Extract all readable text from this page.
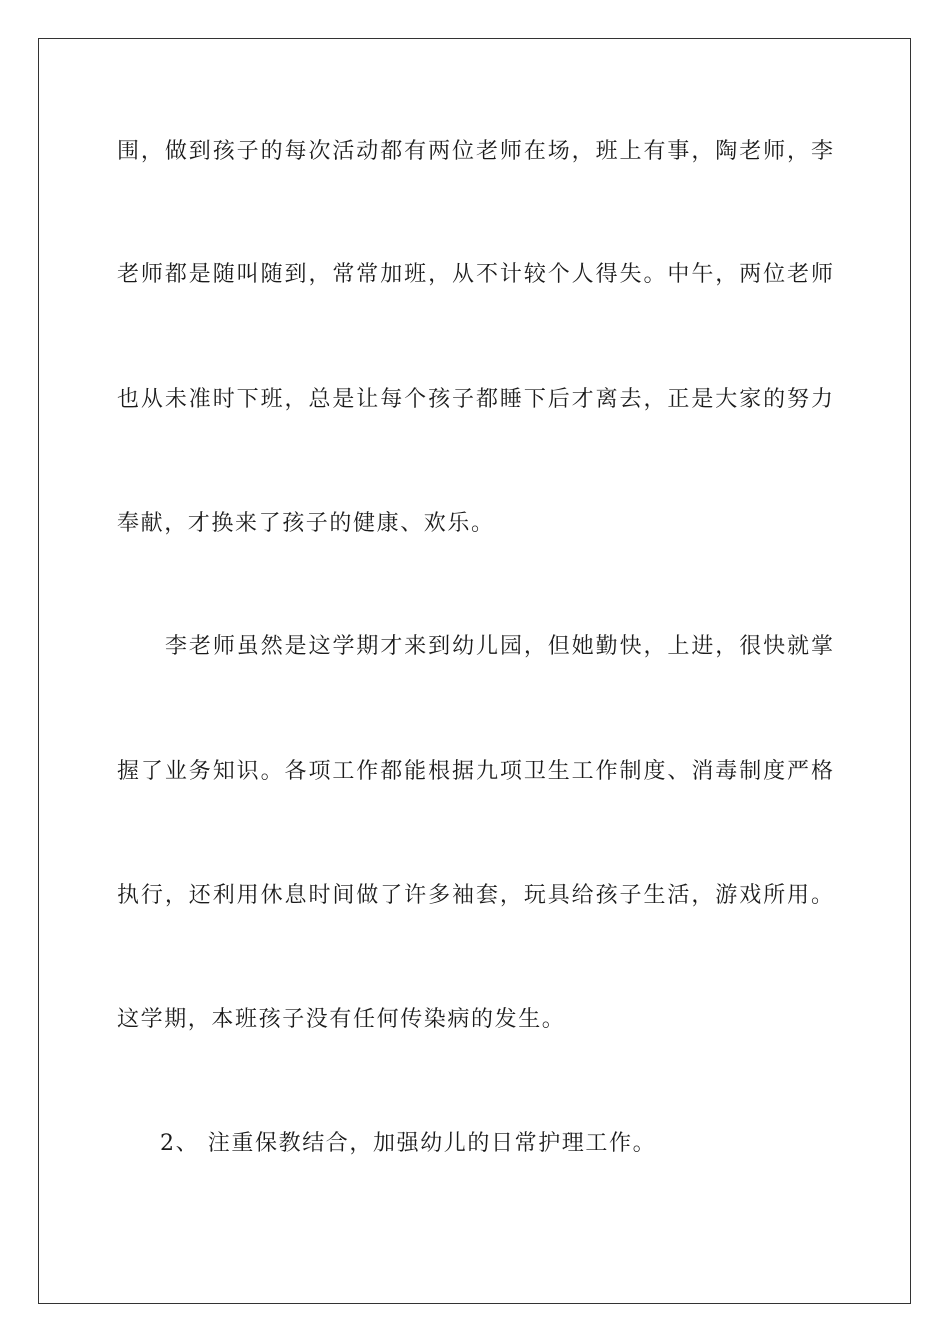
围，做到孩子的每次活动都有两位老师在场，班上有事，陶老师，李
老师都是随叫随到，常常加班，从不计较个人得失。中午，两位老师
也从未准时下班，总是让每个孩子都睡下后才离去，正是大家的努力
奉献，才换来了孩子的健康、欢乐。
李老师虽然是这学期才来到幼儿园，但她勤快，上进，很快就掌
握了业务知识。各项工作都能根据九项卫生工作制度、消毒制度严格
执行，还利用休息时间做了许多袖套，玩具给孩子生活，游戏所用。
这学期，本班孩子没有任何传染病的发生。
2、 注重保教结合，加强幼儿的日常护理工作。
